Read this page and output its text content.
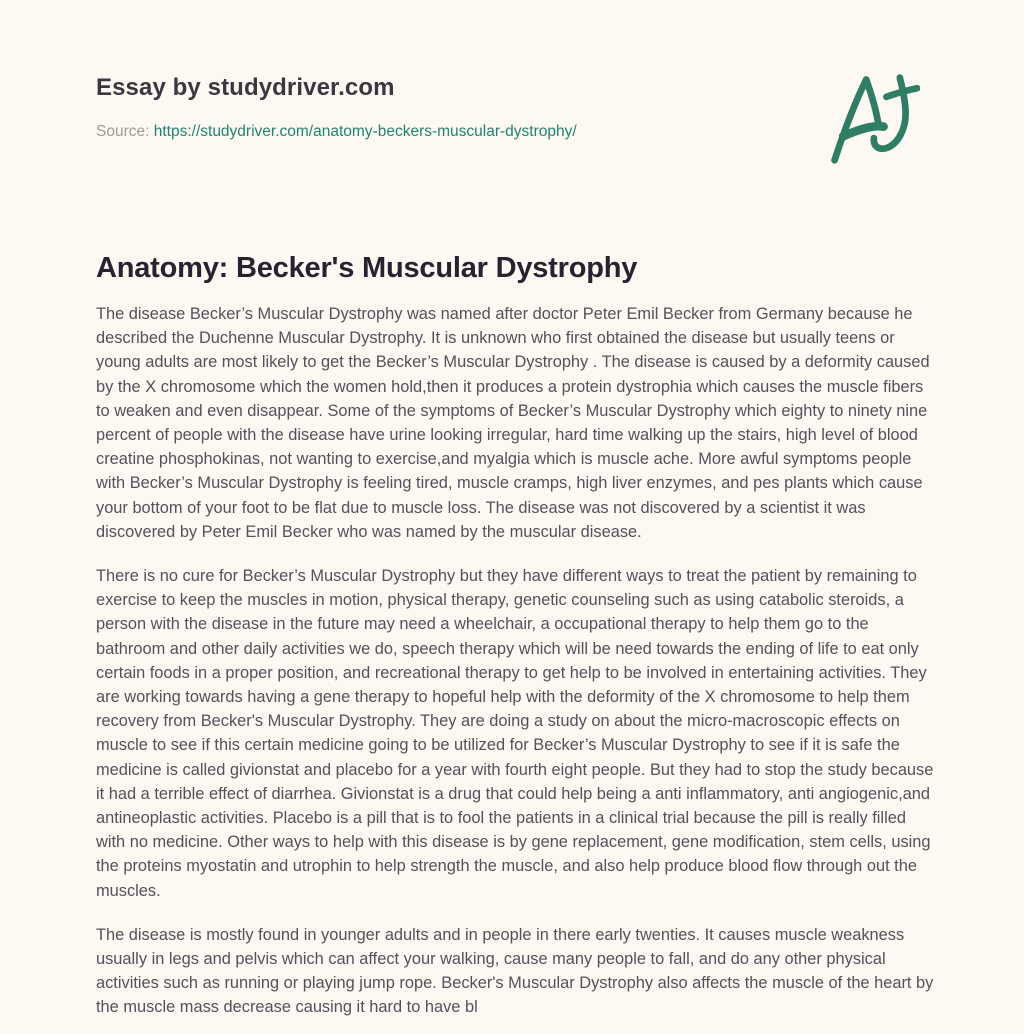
Essay by studydriver.com
Source: https://studydriver.com/anatomy-beckers-muscular-dystrophy/
Anatomy: Becker's Muscular Dystrophy

The disease Becker’s Muscular Dystrophy was named after doctor Peter Emil Becker from Germany because he described the Duchenne Muscular Dystrophy. It is unknown who first obtained the disease but usually teens or young adults are most likely to get the Becker’s Muscular Dystrophy . The disease is caused by a deformity caused by the X chromosome which the women hold,then it produces a protein dystrophia which causes the muscle fibers to weaken and even disappear. Some of the symptoms of Becker’s Muscular Dystrophy which eighty to ninety nine percent of people with the disease have urine looking irregular, hard time walking up the stairs, high level of blood creatine phosphokinas, not wanting to exercise,and myalgia which is muscle ache. More awful symptoms people with Becker’s Muscular Dystrophy is feeling tired, muscle cramps, high liver enzymes, and pes plants which cause your bottom of your foot to be flat due to muscle loss. The disease was not discovered by a scientist it was discovered by Peter Emil Becker who was named by the muscular disease.

There is no cure for Becker’s Muscular Dystrophy but they have different ways to treat the patient by remaining to exercise to keep the muscles in motion, physical therapy, genetic counseling such as using catabolic steroids, a person with the disease in the future may need a wheelchair, a occupational therapy to help them go to the bathroom and other daily activities we do, speech therapy which will be need towards the ending of life to eat only certain foods in a proper position, and recreational therapy to get help to be involved in entertaining activities. They are working towards having a gene therapy to hopeful help with the deformity of the X chromosome to help them recovery from Becker's Muscular Dystrophy. They are doing a study on about the micro-macroscopic effects on muscle to see if this certain medicine going to be utilized for Becker’s Muscular Dystrophy to see if it is safe the medicine is called givionstat and placebo for a year with fourth eight people. But they had to stop the study because it had a terrible effect of diarrhea. Givionstat is a drug that could help being a anti inflammatory, anti angiogenic,and antineoplastic activities. Placebo is a pill that is to fool the patients in a clinical trial because the pill is really filled with no medicine. Other ways to help with this disease is by gene replacement, gene modification, stem cells, using the proteins myostatin and utrophin to help strength the muscle, and also help produce blood flow through out the muscles.

The disease is mostly found in younger adults and in people in there early twenties. It causes muscle weakness usually in legs and pelvis which can affect your walking, cause many people to fall, and do any other physical activities such as running or playing jump rope. Becker's Muscular Dystrophy also affects the muscle of the heart by the muscle mass decrease causing it hard to have bl
